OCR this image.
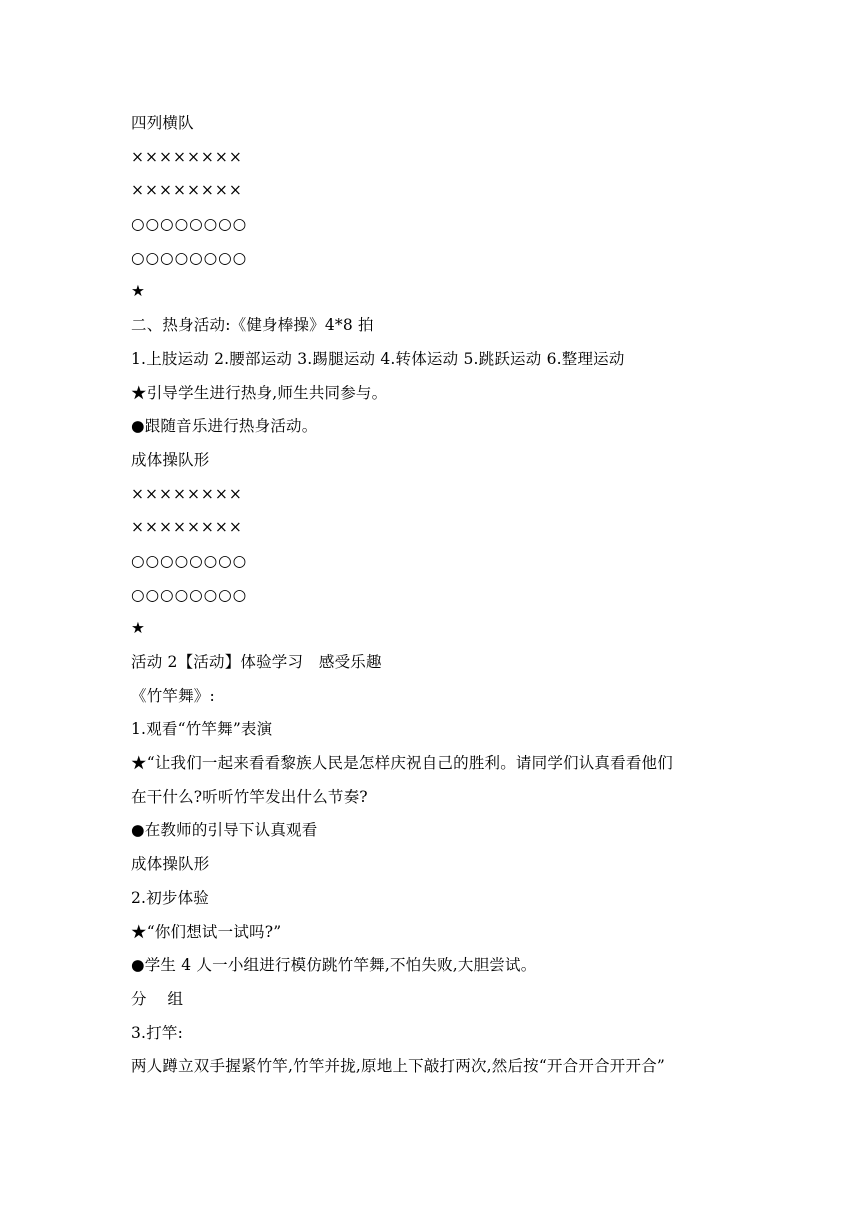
四列横队
××××××××
××××××××
○○○○○○○○
○○○○○○○○
★
二、热身活动:《健身棒操》4*8 拍
1.上肢运动 2.腰部运动 3.踢腿运动 4.转体运动 5.跳跃运动 6.整理运动
★引导学生进行热身,师生共同参与。
●跟随音乐进行热身活动。
成体操队形
××××××××
××××××××
○○○○○○○○
○○○○○○○○
★
活动 2【活动】体验学习　感受乐趣
《竹竿舞》:
1.观看“竹竿舞”表演
★“让我们一起来看看黎族人民是怎样庆祝自己的胜利。请同学们认真看看他们
在干什么?听听竹竿发出什么节奏?
●在教师的引导下认真观看
成体操队形
2.初步体验
★“你们想试一试吗?”
●学生 4 人一小组进行模仿跳竹竿舞,不怕失败,大胆尝试。
分　 组
3.打竿:
两人蹲立双手握紧竹竿,竹竿并拢,原地上下敲打两次,然后按“开合开合开开合”
